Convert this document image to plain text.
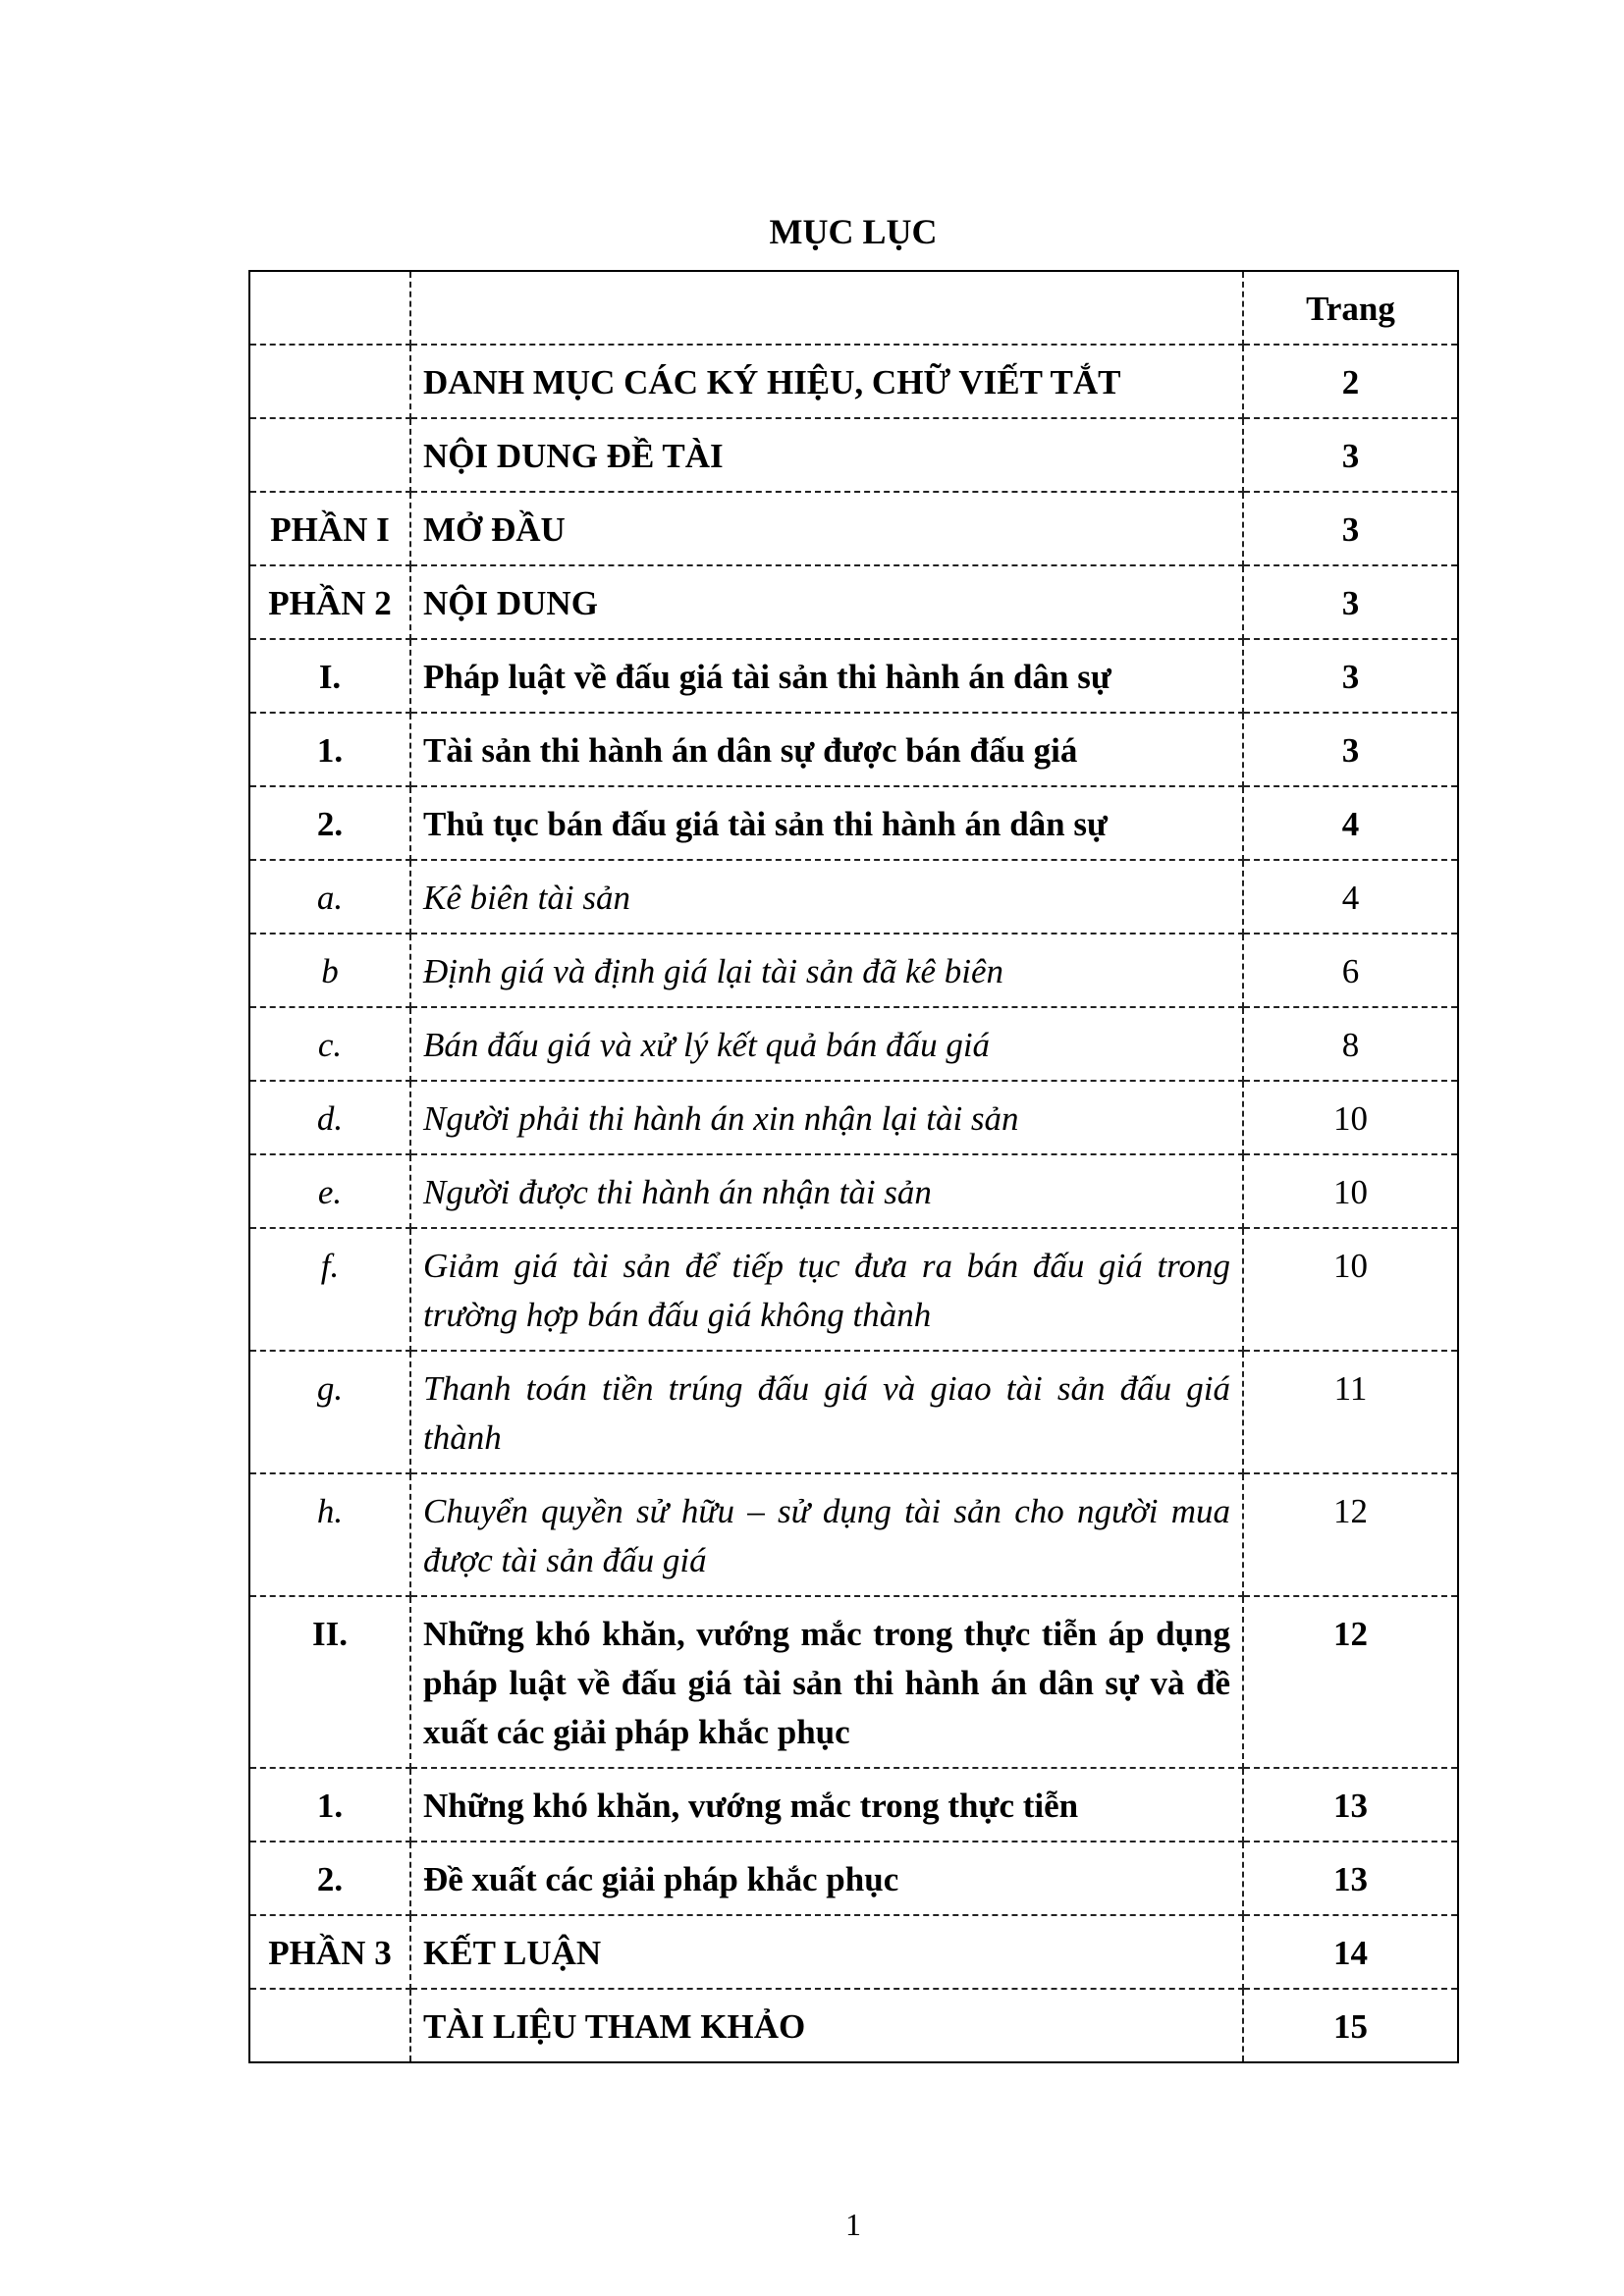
MỤC LỤC
		Trang
	DANH MỤC CÁC KÝ HIỆU, CHỮ VIẾT TẮT	2
	NỘI DUNG ĐỀ TÀI	3
PHẦN I	MỞ ĐẦU	3
PHẦN 2	NỘI DUNG	3
I.	Pháp luật về đấu giá tài sản thi hành án dân sự	3
1.	Tài sản thi hành án dân sự được bán đấu giá	3
2.	Thủ tục bán đấu giá tài sản thi hành án dân sự	4
a.	Kê biên tài sản	4
b	Định giá và định giá lại tài sản đã kê biên	6
c.	Bán đấu giá và xử lý kết quả bán đấu giá	8
d.	Người phải thi hành án xin nhận lại tài sản	10
e.	Người được thi hành án nhận tài sản	10
f.	Giảm giá tài sản để tiếp tục đưa ra bán đấu giá trong trường hợp bán đấu giá không thành	10
g.	Thanh toán tiền trúng đấu giá và giao tài sản đấu giá thành	11
h.	Chuyển quyền sử hữu – sử dụng tài sản cho người mua được tài sản đấu giá	12
II.	Những khó khăn, vướng mắc trong thực tiễn áp dụng pháp luật về đấu giá tài sản thi hành án dân sự và đề xuất các giải pháp khắc phục	12
1.	Những khó khăn, vướng mắc trong thực tiễn	13
2.	Đề xuất các giải pháp khắc phục	13
PHẦN 3	KẾT LUẬN	14
	TÀI LIỆU THAM KHẢO	15
1
